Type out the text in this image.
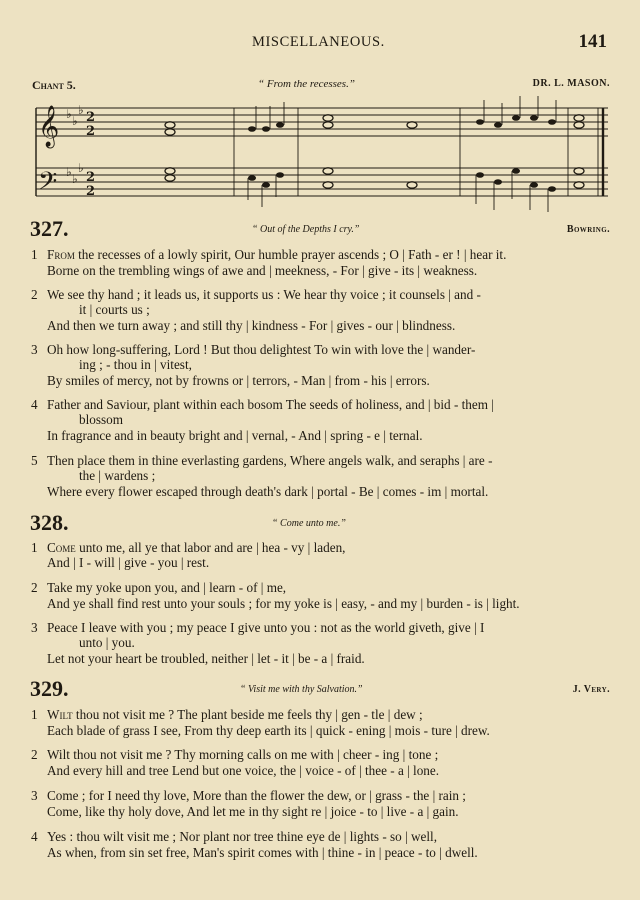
MISCELLANEOUS.	141
Chant 5.	“ From the recesses.”	DR. L. MASON.
𝄞
𝄢
♭ ♭
♭
♭ ♭
♭
2
2
2
2
327.	“ Out of the Depths I cry.”	Bowring.
1 From the recesses of a lowly spirit, Our humble prayer ascends ; O | Fath - er ! | hear it.
Borne on the trembling wings of awe and | meekness, - For | give - its | weakness.
2 We see thy hand ; it leads us, it supports us : We hear thy voice ; it counsels | and -
it | courts us ;
And then we turn away ; and still thy | kindness - For | gives - our | blindness.
3 Oh how long-suffering, Lord ! But thou delightest To win with love the | wander-
ing ; - thou in | vitest,
By smiles of mercy, not by frowns or | terrors, - Man | from - his | errors.
4 Father and Saviour, plant within each bosom The seeds of holiness, and | bid - them |
blossom
In fragrance and in beauty bright and | vernal, - And | spring - e | ternal.
5 Then place them in thine everlasting gardens, Where angels walk, and seraphs | are -
the | wardens ;
Where every flower escaped through death's dark | portal - Be | comes - im | mortal.
328.	“ Come unto me.”
1 Come unto me, all ye that labor and are | hea - vy | laden,
And | I - will | give - you | rest.
2 Take my yoke upon you, and | learn - of | me,
And ye shall find rest unto your souls ; for my yoke is | easy, - and my | burden - is | light.
3 Peace I leave with you ; my peace I give unto you : not as the world giveth, give | I
unto | you.
Let not your heart be troubled, neither | let - it | be - a | fraid.
329.	“ Visit me with thy Salvation.”	J. Very.
1 Wilt thou not visit me ? The plant beside me feels thy | gen - tle | dew ;
Each blade of grass I see, From thy deep earth its | quick - ening | mois - ture | drew.
2 Wilt thou not visit me ? Thy morning calls on me with | cheer - ing | tone ;
And every hill and tree Lend but one voice, the | voice - of | thee - a | lone.
3 Come ; for I need thy love, More than the flower the dew, or | grass - the | rain ;
Come, like thy holy dove, And let me in thy sight re | joice - to | live - a | gain.
4 Yes : thou wilt visit me ; Nor plant nor tree thine eye de | lights - so | well,
As when, from sin set free, Man's spirit comes with | thine - in | peace - to | dwell.
